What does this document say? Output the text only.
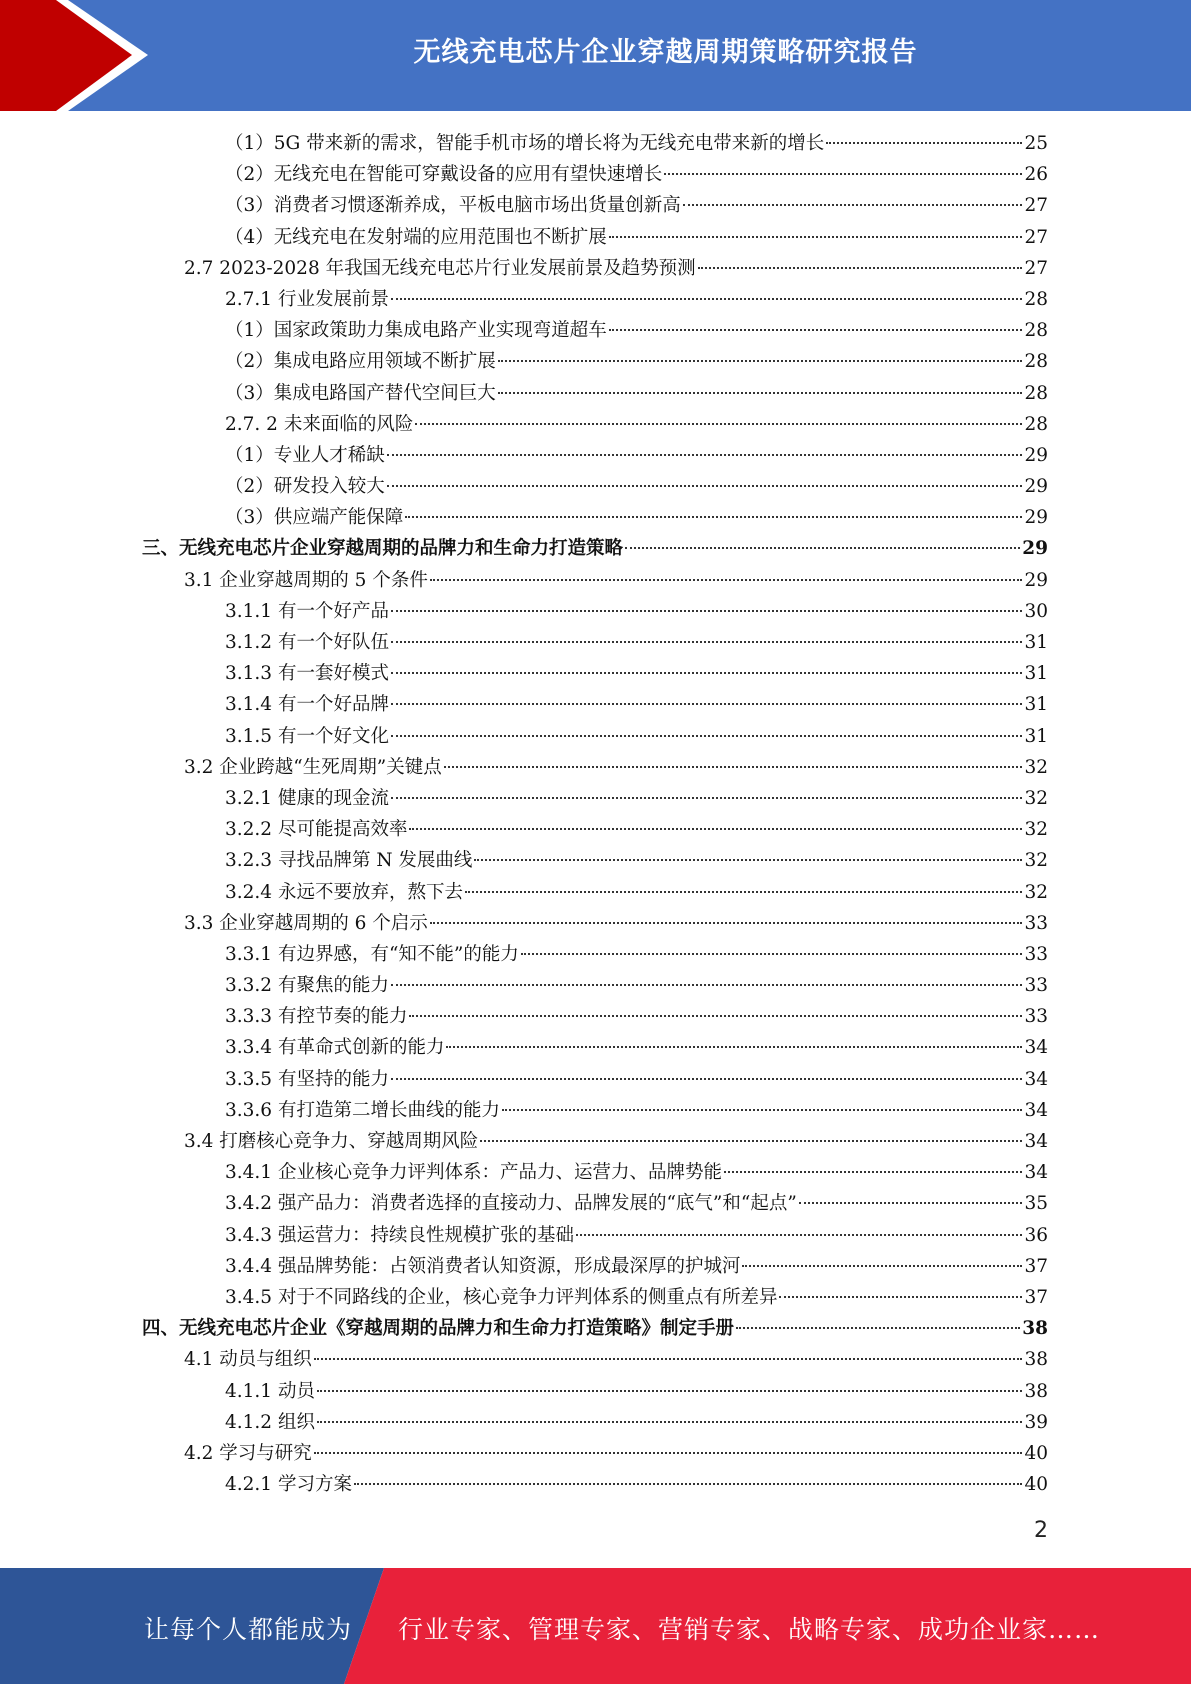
无线充电芯片企业穿越周期策略研究报告
（1）5G 带来新的需求，智能手机市场的增长将为无线充电带来新的增长	25
（2）无线充电在智能可穿戴设备的应用有望快速增长	26
（3）消费者习惯逐渐养成，平板电脑市场出货量创新高	27
（4）无线充电在发射端的应用范围也不断扩展	27
2.7 2023-2028 年我国无线充电芯片行业发展前景及趋势预测	27
2.7.1 行业发展前景	28
（1）国家政策助力集成电路产业实现弯道超车	28
（2）集成电路应用领域不断扩展	28
（3）集成电路国产替代空间巨大	28
2.7. 2 未来面临的风险	28
（1）专业人才稀缺	29
（2）研发投入较大	29
（3）供应端产能保障	29
三、无线充电芯片企业穿越周期的品牌力和生命力打造策略	29
3.1 企业穿越周期的 5 个条件	29
3.1.1 有一个好产品	30
3.1.2 有一个好队伍	31
3.1.3 有一套好模式	31
3.1.4 有一个好品牌	31
3.1.5 有一个好文化	31
3.2 企业跨越“生死周期”关键点	32
3.2.1 健康的现金流	32
3.2.2 尽可能提高效率	32
3.2.3 寻找品牌第 N 发展曲线	32
3.2.4 永远不要放弃，熬下去	32
3.3 企业穿越周期的 6 个启示	33
3.3.1 有边界感，有“知不能”的能力	33
3.3.2 有聚焦的能力	33
3.3.3 有控节奏的能力	33
3.3.4 有革命式创新的能力	34
3.3.5 有坚持的能力	34
3.3.6 有打造第二增长曲线的能力	34
3.4 打磨核心竞争力、穿越周期风险	34
3.4.1 企业核心竞争力评判体系：产品力、运营力、品牌势能	34
3.4.2 强产品力：消费者选择的直接动力、品牌发展的“底气”和“起点”	35
3.4.3 强运营力：持续良性规模扩张的基础	36
3.4.4 强品牌势能：占领消费者认知资源，形成最深厚的护城河	37
3.4.5 对于不同路线的企业，核心竞争力评判体系的侧重点有所差异	37
四、无线充电芯片企业《穿越周期的品牌力和生命力打造策略》制定手册	38
4.1 动员与组织	38
4.1.1 动员	38
4.1.2 组织	39
4.2 学习与研究	40
4.2.1 学习方案	40
2
让每个人都能成为 行业专家、管理专家、营销专家、战略专家、成功企业家……
